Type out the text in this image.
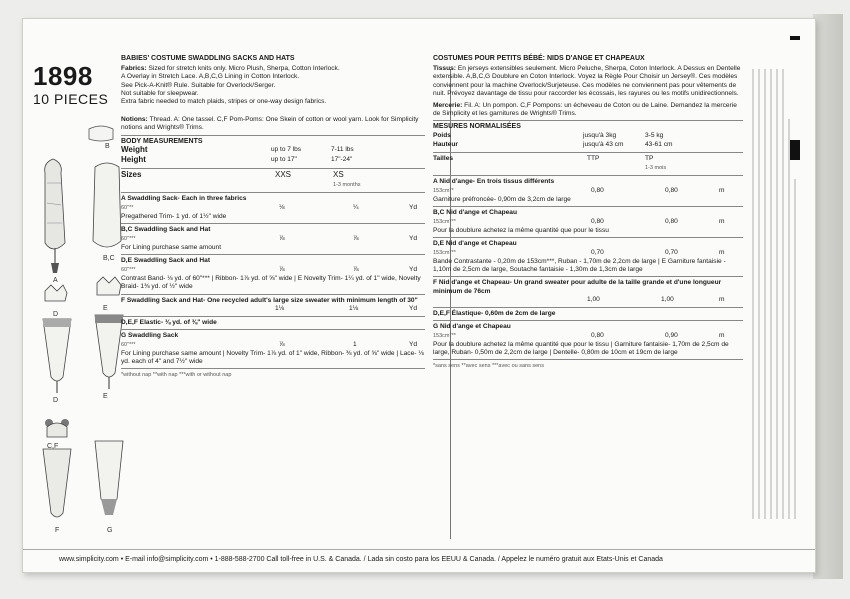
1898
10 PIECES
B
A
B,C
D
E
D
E
C,F
F	G
BABIES' COSTUME SWADDLING SACKS AND HATS
Fabrics: Sized for stretch knits only. Micro Plush, Sherpa, Cotton Interlock.
A Overlay in Stretch Lace. A,B,C,G Lining in Cotton Interlock.
See Pick-A-Knit® Rule. Suitable for Overlock/Serger.
Not suitable for sleepwear.
Extra fabric needed to match plaids, stripes or one-way design fabrics.
Notions: Thread. A: One tassel. C,F Pom-Poms: One Skein of cotton or wool yarn. Look for Simplicity notions and Wrights® Trims.
BODY MEASUREMENTS
Weight	up to 7 lbs	7-11 lbs
Height	up to 17"	17"-24"
Sizes	XXS	XS
1-3 months
A Swaddling Sack- Each in three fabrics
60"**	⅛	¼	Yd
Pregathered Trim- 1 yd. of 1½" wide
B,C Swaddling Sack and Hat
60"***	⅞	⅞	Yd
For Lining purchase same amount
D,E Swaddling Sack and Hat
60"***	⅞	⅞	Yd
Contrast Band- ⅛ yd. of 60"*** | Ribbon- 1⅞ yd. of ⅝" wide | E Novelty Trim- 1¼ yd. of 1" wide, Novelty Braid- 1⅜ yd. of ½" wide
F Swaddling Sack and Hat- One recycled adult's large size sweater with minimum length of 30"
1⅛	1⅛	Yd
D,E,F Elastic- ⅜ yd. of ⅜" wide
G Swaddling Sack
60"***	⅞	1	Yd
For Lining purchase same amount | Novelty Trim- 1⅞ yd. of 1" wide, Ribbon- ⅜ yd. of ⅝" wide | Lace- ⅛ yd. each of 4" and 7½" wide
*without nap **with nap ***with or without nap
COSTUMES POUR PETITS BÉBÉ: NIDS D'ANGE ET CHAPEAUX
Tissus: En jerseys extensibles seulement. Micro Peluche, Sherpa, Coton Interlock. A Dessus en Dentelle extensible. A,B,C,G Doublure en Coton Interlock. Voyez la Règle Pour Choisir un Jersey®. Ces modèles conviennent pour la machine Overlock/Surjeteuse. Ces modèles ne conviennent pas pour vêtements de nuit. Prévoyez davantage de tissu pour raccorder les écossais, les rayures ou les motifs unidirectionnels.
Mercerie: Fil. A: Un pompon. C,F Pompons: un écheveau de Coton ou de Laine. Demandez la mercerie de Simplicity et les garnitures de Wrights® Trims.
MESURES NORMALISÉES
Poids	jusqu'à 3kg	3-5 kg
Hauteur	jusqu'à 43 cm	43-61 cm
Tailles	TTP	TP
1-3 mois
A Nid d'ange- En trois tissus différents
153cm**	0,80	0,80	m
Garniture préfroncée- 0,90m de 3,2cm de large
B,C Nid d'ange et Chapeau
153cm***	0,80	0,80	m
Pour la doublure achetez la même quantité que pour le tissu
D,E Nid d'ange et Chapeau
153cm***	0,70	0,70	m
Bande Contrastante - 0,20m de 153cm***, Ruban - 1,70m de 2,2cm de large | E Garniture fantaisie - 1,10m de 2,5cm de large, Soutache fantaisie - 1,30m de 1,3cm de large
F Nid d'ange et Chapeau- Un grand sweater pour adulte de la taille grande et d'une longueur minimum de 76cm
1,00	1,00	m
D,E,F Élastique- 0,60m de 2cm de large
G Nid d'ange et Chapeau
153cm***	0,80	0,90	m
Pour la doublure achetez la même quantité que pour le tissu | Garniture fantaisie- 1,70m de 2,5cm de large, Ruban- 0,50m de 2,2cm de large | Dentelle- 0,80m de 10cm et 19cm de large
*sans sens **avec sens ***avec ou sans sens
www.simplicity.com • E-mail info@simplicity.com • 1-888-588-2700 Call toll-free in U.S. & Canada. / Lada sin costo para los EEUU & Canada. / Appelez le numéro gratuit aux Etats-Unis et Canada
